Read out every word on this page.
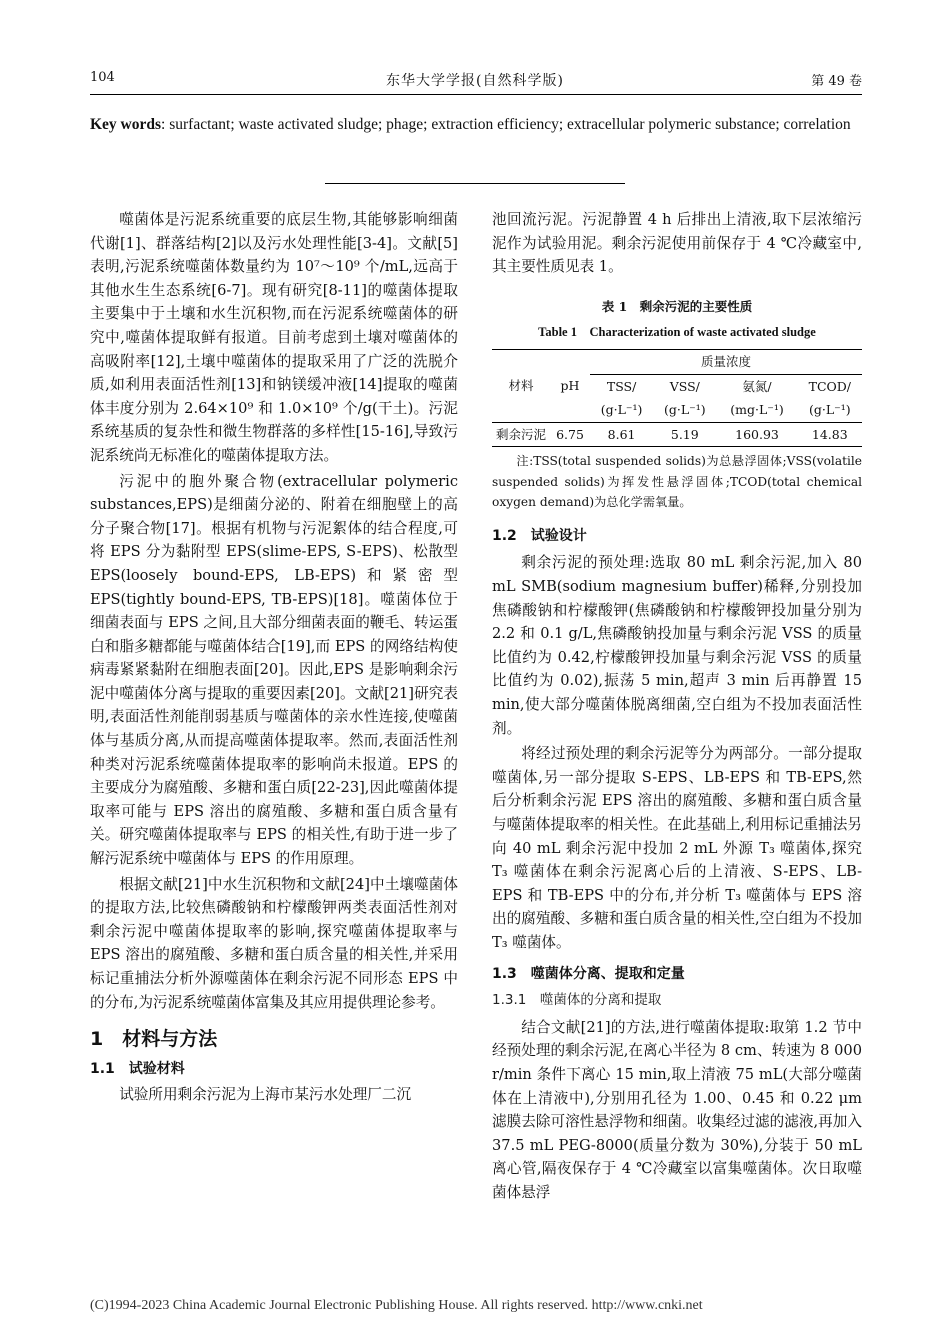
104	东华大学学报(自然科学版)	第 49 卷
Key words: surfactant; waste activated sludge; phage; extraction efficiency; extracellular polymeric substance; correlation

噬菌体是污泥系统重要的底层生物,其能够影响细菌代谢[1]、群落结构[2]以及污水处理性能[3-4]。文献[5]表明,污泥系统噬菌体数量约为 10⁷～10⁹ 个/mL,远高于其他水生生态系统[6-7]。现有研究[8-11]的噬菌体提取主要集中于土壤和水生沉积物,而在污泥系统噬菌体的研究中,噬菌体提取鲜有报道。目前考虑到土壤对噬菌体的高吸附率[12],土壤中噬菌体的提取采用了广泛的洗脱介质,如利用表面活性剂[13]和钠镁缓冲液[14]提取的噬菌体丰度分别为 2.64×10⁹ 和 1.0×10⁹ 个/g(干土)。污泥系统基质的复杂性和微生物群落的多样性[15-16],导致污泥系统尚无标准化的噬菌体提取方法。

污泥中的胞外聚合物(extracellular polymeric substances,EPS)是细菌分泌的、附着在细胞壁上的高分子聚合物[17]。根据有机物与污泥絮体的结合程度,可将 EPS 分为黏附型 EPS(slime-EPS, S-EPS)、松散型 EPS(loosely bound-EPS, LB-EPS)和紧密型 EPS(tightly bound-EPS, TB-EPS)[18]。噬菌体位于细菌表面与 EPS 之间,且大部分细菌表面的鞭毛、转运蛋白和脂多糖都能与噬菌体结合[19],而 EPS 的网络结构使病毒紧紧黏附在细胞表面[20]。因此,EPS 是影响剩余污泥中噬菌体分离与提取的重要因素[20]。文献[21]研究表明,表面活性剂能削弱基质与噬菌体的亲水性连接,使噬菌体与基质分离,从而提高噬菌体提取率。然而,表面活性剂种类对污泥系统噬菌体提取率的影响尚未报道。EPS 的主要成分为腐殖酸、多糖和蛋白质[22-23],因此噬菌体提取率可能与 EPS 溶出的腐殖酸、多糖和蛋白质含量有关。研究噬菌体提取率与 EPS 的相关性,有助于进一步了解污泥系统中噬菌体与 EPS 的作用原理。

根据文献[21]中水生沉积物和文献[24]中土壤噬菌体的提取方法,比较焦磷酸钠和柠檬酸钾两类表面活性剂对剩余污泥中噬菌体提取率的影响,探究噬菌体提取率与 EPS 溶出的腐殖酸、多糖和蛋白质含量的相关性,并采用标记重捕法分析外源噬菌体在剩余污泥不同形态 EPS 中的分布,为污泥系统噬菌体富集及其应用提供理论参考。

1　材料与方法
1.1　试验材料

试验所用剩余污泥为上海市某污水处理厂二沉

池回流污泥。污泥静置 4 h 后排出上清液,取下层浓缩污泥作为试验用泥。剩余污泥使用前保存于 4 ℃冷藏室中,其主要性质见表 1。

表 1　剩余污泥的主要性质
Table 1　Characterization of waste activated sludge
材料	pH	质量浓度			
		TSS/	VSS/	氨氮/	TCOD/
		(g·L⁻¹)	(g·L⁻¹)	(mg·L⁻¹)	(g·L⁻¹)
剩余污泥	6.75	8.61	5.19	160.93	14.83
注:TSS(total suspended solids)为总悬浮固体;VSS(volatile suspended solids)为挥发性悬浮固体;TCOD(total chemical oxygen demand)为总化学需氧量。
1.2　试验设计

剩余污泥的预处理:选取 80 mL 剩余污泥,加入 80 mL SMB(sodium magnesium buffer)稀释,分别投加焦磷酸钠和柠檬酸钾(焦磷酸钠和柠檬酸钾投加量分别为 2.2 和 0.1 g/L,焦磷酸钠投加量与剩余污泥 VSS 的质量比值约为 0.42,柠檬酸钾投加量与剩余污泥 VSS 的质量比值约为 0.02),振荡 5 min,超声 3 min 后再静置 15 min,使大部分噬菌体脱离细菌,空白组为不投加表面活性剂。

将经过预处理的剩余污泥等分为两部分。一部分提取噬菌体,另一部分提取 S-EPS、LB-EPS 和 TB-EPS,然后分析剩余污泥 EPS 溶出的腐殖酸、多糖和蛋白质含量与噬菌体提取率的相关性。在此基础上,利用标记重捕法另向 40 mL 剩余污泥中投加 2 mL 外源 T₃ 噬菌体,探究 T₃ 噬菌体在剩余污泥离心后的上清液、S-EPS、LB-EPS 和 TB-EPS 中的分布,并分析 T₃ 噬菌体与 EPS 溶出的腐殖酸、多糖和蛋白质含量的相关性,空白组为不投加 T₃ 噬菌体。

1.3　噬菌体分离、提取和定量
1.3.1　噬菌体的分离和提取

结合文献[21]的方法,进行噬菌体提取:取第 1.2 节中经预处理的剩余污泥,在离心半径为 8 cm、转速为 8 000 r/min 条件下离心 15 min,取上清液 75 mL(大部分噬菌体在上清液中),分别用孔径为 1.00、0.45 和 0.22 μm 滤膜去除可溶性悬浮物和细菌。收集经过滤的滤液,再加入 37.5 mL PEG-8000(质量分数为 30%),分装于 50 mL 离心管,隔夜保存于 4 ℃冷藏室以富集噬菌体。次日取噬菌体悬浮

(C)1994-2023 China Academic Journal Electronic Publishing House. All rights reserved. http://www.cnki.net
